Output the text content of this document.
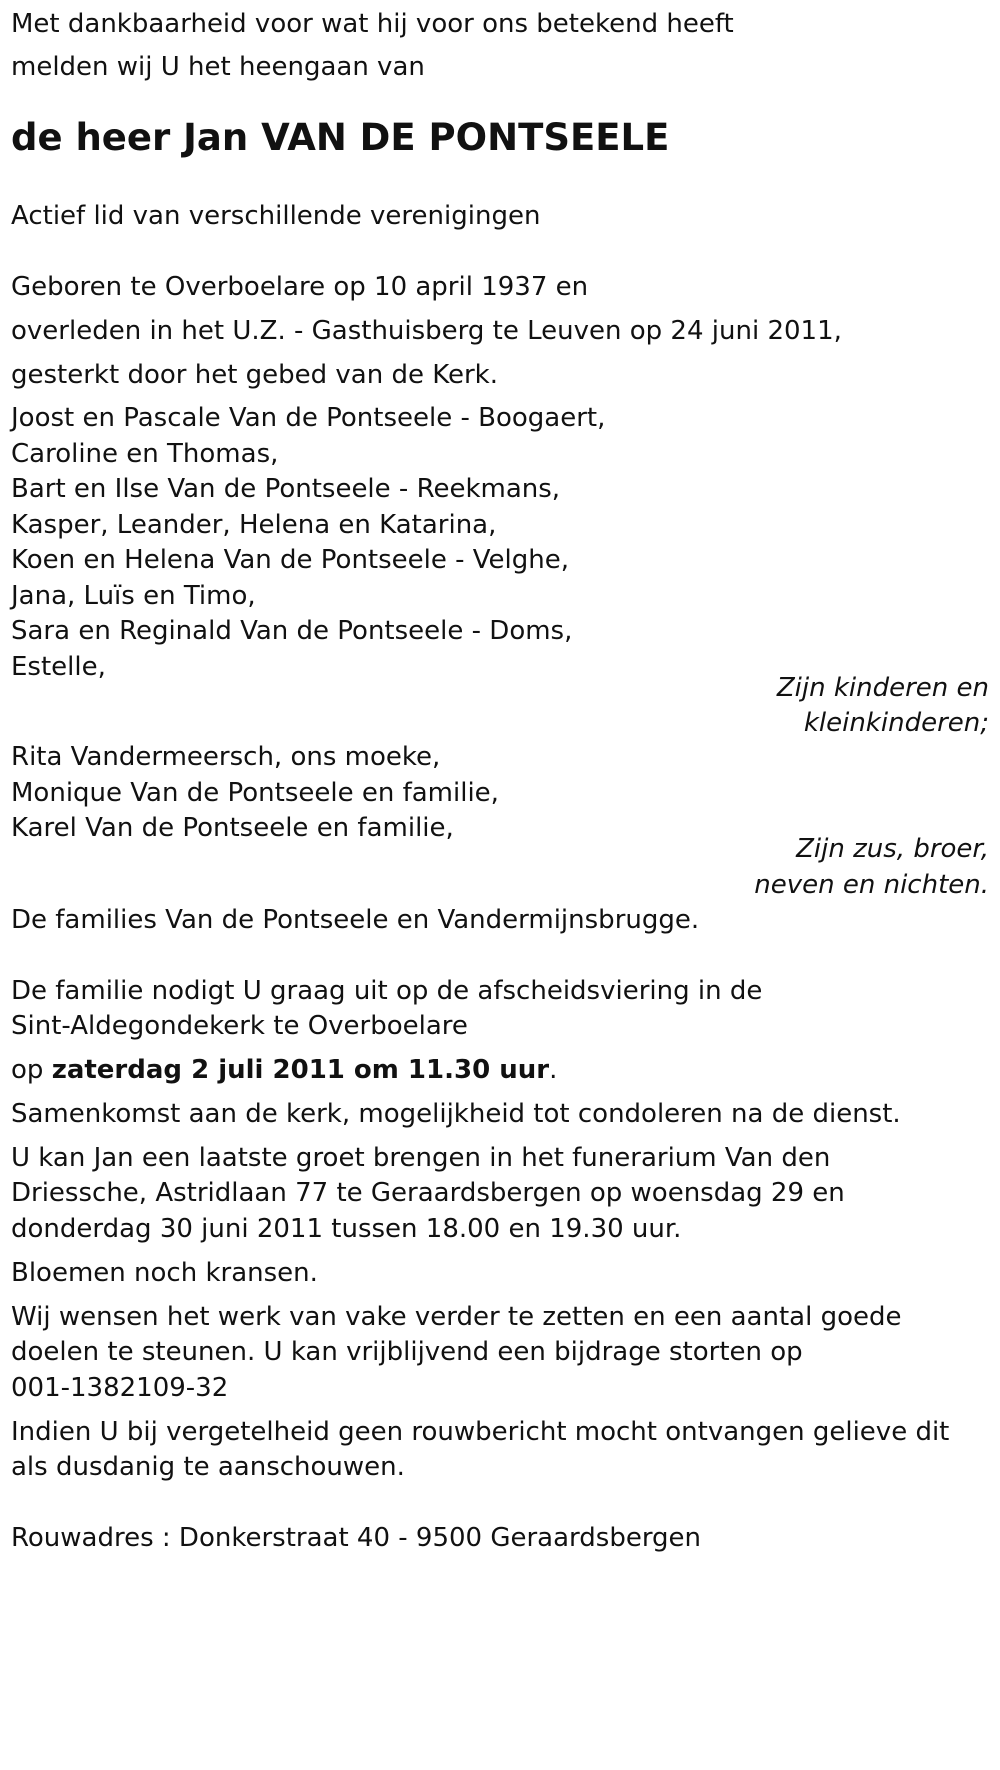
Met dankbaarheid voor wat hij voor ons betekend heeft
melden wij U het heengaan van
de heer Jan VAN DE PONTSEELE
Actief lid van verschillende verenigingen
Geboren te Overboelare op 10 april 1937 en
overleden in het U.Z. - Gasthuisberg te Leuven op 24 juni 2011,
gesterkt door het gebed van de Kerk.
Joost en Pascale Van de Pontseele - Boogaert,
Caroline en Thomas,
Bart en Ilse Van de Pontseele - Reekmans,
Kasper, Leander, Helena en Katarina,
Koen en Helena Van de Pontseele - Velghe,
Jana, Luïs en Timo,
Sara en Reginald Van de Pontseele - Doms,
Estelle,
Zijn kinderen en
kleinkinderen;
Rita Vandermeersch, ons moeke,
Monique Van de Pontseele en familie,
Karel Van de Pontseele en familie,
Zijn zus, broer,
neven en nichten.
De families Van de Pontseele en Vandermijnsbrugge.
De familie nodigt U graag uit op de afscheidsviering in de
Sint-Aldegondekerk te Overboelare
op zaterdag 2 juli 2011 om 11.30 uur.
Samenkomst aan de kerk, mogelijkheid tot condoleren na de dienst.
U kan Jan een laatste groet brengen in het funerarium Van den
Driessche, Astridlaan 77 te Geraardsbergen op woensdag 29 en
donderdag 30 juni 2011 tussen 18.00 en 19.30 uur.
Bloemen noch kransen.
Wij wensen het werk van vake verder te zetten en een aantal goede
doelen te steunen. U kan vrijblijvend een bijdrage storten op
001-1382109-32
Indien U bij vergetelheid geen rouwbericht mocht ontvangen gelieve dit
als dusdanig te aanschouwen.
Rouwadres : Donkerstraat 40 - 9500 Geraardsbergen
